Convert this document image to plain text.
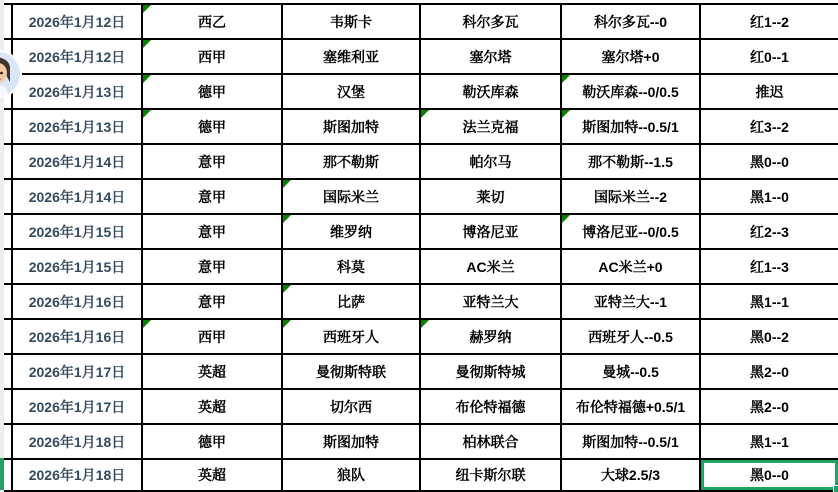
2026年1月12日	西乙	韦斯卡	科尔多瓦	科尔多瓦--0	红1--2
2026年1月12日	西甲	塞维利亚	塞尔塔	塞尔塔+0	红0--1
2026年1月13日	德甲	汉堡	勒沃库森	勒沃库森--0/0.5	推迟
2026年1月13日	德甲	斯图加特	法兰克福	斯图加特--0.5/1	红3--2
2026年1月14日	意甲	那不勒斯	帕尔马	那不勒斯--1.5	黑0--0
2026年1月14日	意甲	国际米兰	莱切	国际米兰--2	黑1--0
2026年1月15日	意甲	维罗纳	博洛尼亚	博洛尼亚--0/0.5	红2--3
2026年1月15日	意甲	科莫	AC米兰	AC米兰+0	红1--3
2026年1月16日	意甲	比萨	亚特兰大	亚特兰大--1	黑1--1
2026年1月16日	西甲	西班牙人	赫罗纳	西班牙人--0.5	黑0--2
2026年1月17日	英超	曼彻斯特联	曼彻斯特城	曼城--0.5	黑2--0
2026年1月17日	英超	切尔西	布伦特福德	布伦特福德+0.5/1	黑2--0
2026年1月18日	德甲	斯图加特	柏林联合	斯图加特--0.5/1	黑1--1
2026年1月18日	英超	狼队	纽卡斯尔联	大球2.5/3	黑0--0
